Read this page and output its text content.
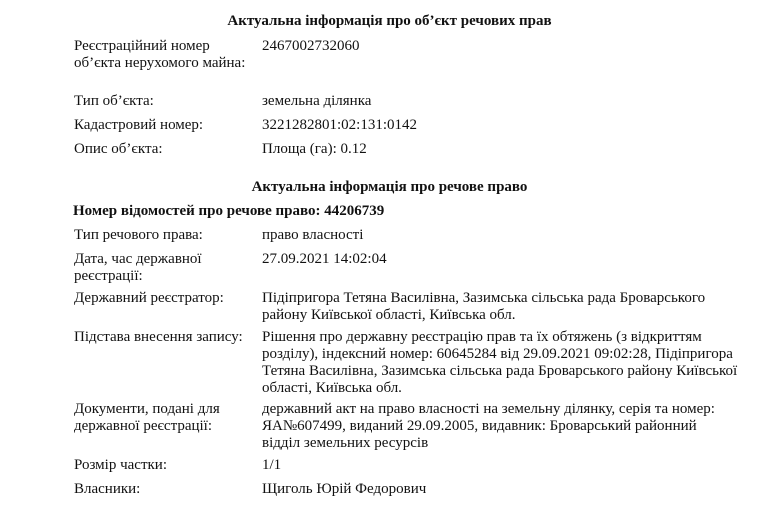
Актуальна інформація про об’єкт речових прав
Реєстраційний номер об’єкта нерухомого майна:
2467002732060
Тип об’єкта:	земельна ділянка
Кадастровий номер:	3221282801:02:131:0142
Опис об’єкта:	Площа (га): 0.12
Актуальна інформація про речове право
Номер відомостей про речове право: 44206739
Тип речового права:	право власності
Дата, час державної реєстрації:
27.09.2021 14:02:04
Державний реєстратор:	Підіпригора Тетяна Василівна, Зазимська сільська рада Броварського району Київської області, Київська обл.
Підстава внесення запису:	Рішення про державну реєстрацію прав та їх обтяжень (з відкриттям розділу), індексний номер: 60645284 від 29.09.2021 09:02:28, Підіпригора Тетяна Василівна, Зазимська сільська рада Броварського району Київської області, Київська обл.
Документи, подані для державної реєстрації:
державний акт на право власності на земельну ділянку, серія та номер: ЯА№607499, виданий 29.09.2005, видавник: Броварський районний відділ земельних ресурсів
Розмір частки:	1/1
Власники:	Щиголь Юрій Федорович
